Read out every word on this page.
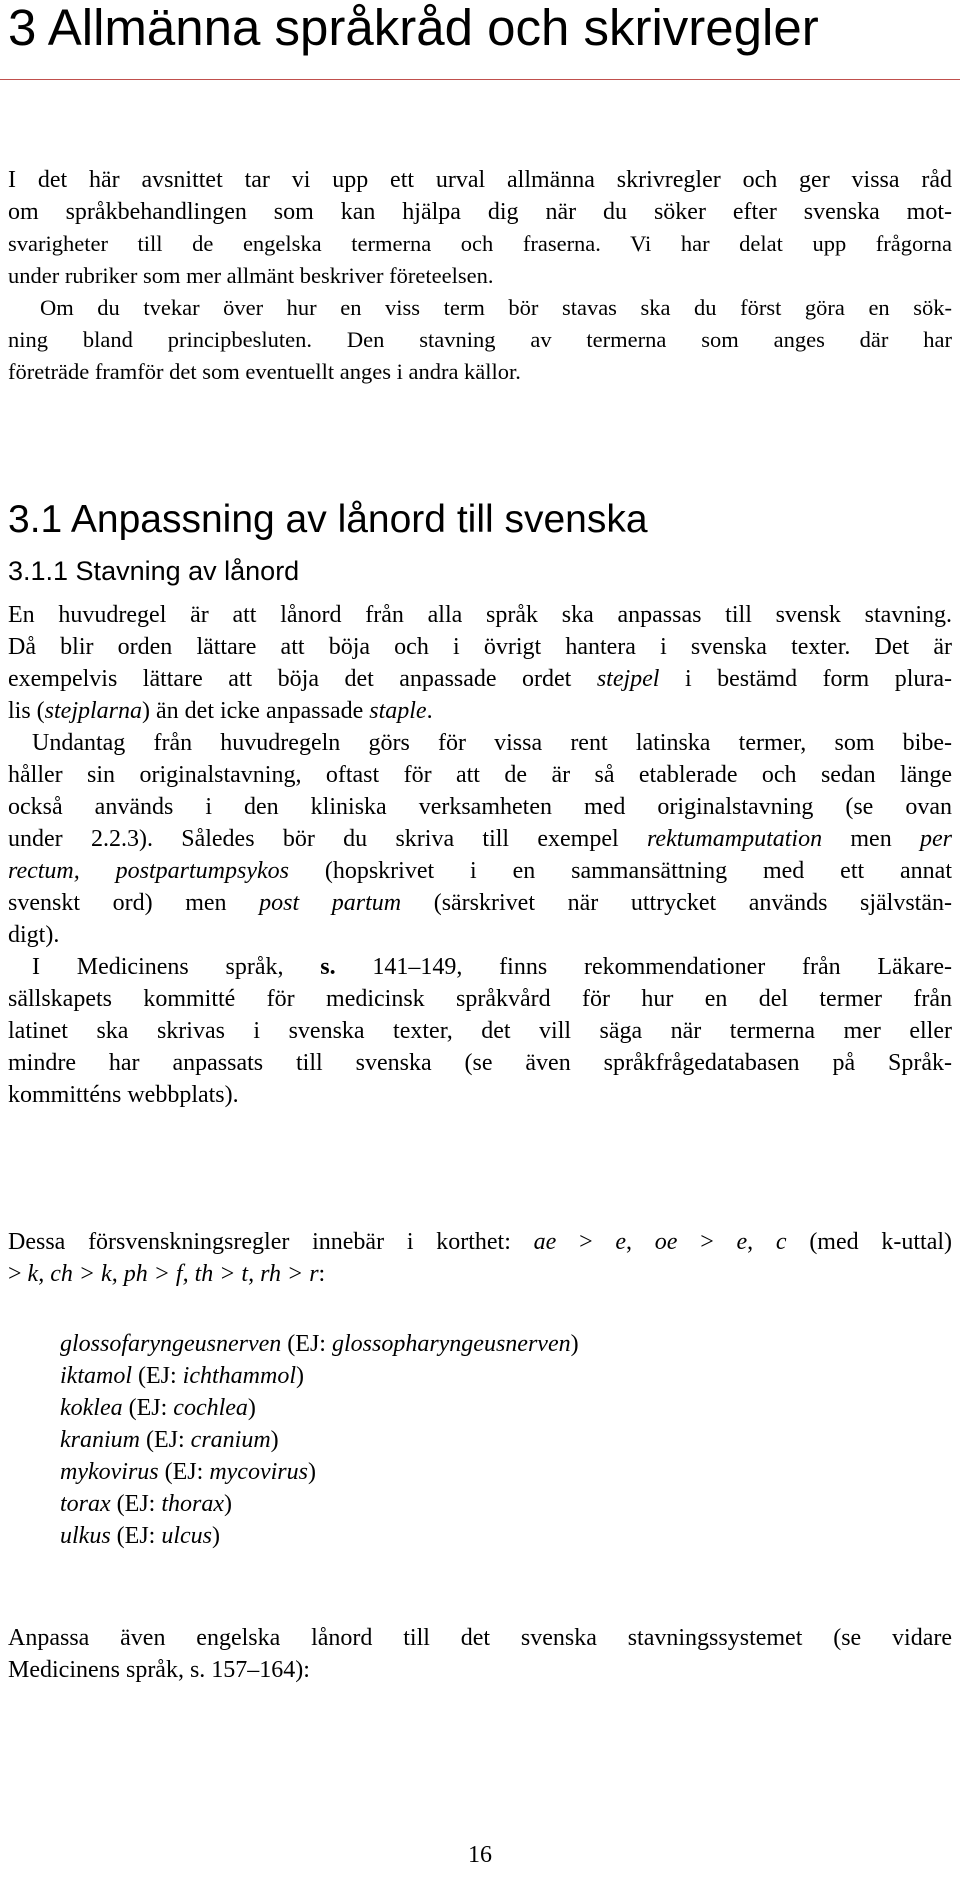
3 Allmänna språkråd och skrivregler
I det här avsnittet tar vi upp ett urval allmänna skrivregler och ger vissa råd
om språkbehandlingen som kan hjälpa dig när du söker efter svenska mot-
svarigheter till de engelska termerna och fraserna. Vi har delat upp frågorna
under rubriker som mer allmänt beskriver företeelsen.
Om du tvekar över hur en viss term bör stavas ska du först göra en sök-
ning bland principbesluten. Den stavning av termerna som anges där har
företräde framför det som eventuellt anges i andra källor.
3.1 Anpassning av lånord till svenska
3.1.1 Stavning av lånord
En huvudregel är att lånord från alla språk ska anpassas till svensk stavning.
Då blir orden lättare att böja och i övrigt hantera i svenska texter. Det är
exempelvis lättare att böja det anpassade ordet stejpel i bestämd form plura-
lis (stejplarna) än det icke anpassade staple.
Undantag från huvudregeln görs för vissa rent latinska termer, som bibe-
håller sin originalstavning, oftast för att de är så etablerade och sedan länge
också används i den kliniska verksamheten med originalstavning (se ovan
under 2.2.3). Således bör du skriva till exempel rektumamputation men per
rectum, postpartumpsykos (hopskrivet i en sammansättning med ett annat
svenskt ord) men post partum (särskrivet när uttrycket används självstän-
digt).
I Medicinens språk, s. 141–149, finns rekommendationer från Läkare-
sällskapets kommitté för medicinsk språkvård för hur en del termer från
latinet ska skrivas i svenska texter, det vill säga när termerna mer eller
mindre har anpassats till svenska (se även språkfrågedatabasen på Språk-
kommitténs webbplats).
Dessa försvenskningsregler innebär i korthet: ae > e, oe > e, c (med k-uttal)
> k, ch > k, ph > f, th > t, rh > r:
glossofaryngeusnerven (EJ: glossopharyngeusnerven)
iktamol (EJ: ichthammol)
koklea (EJ: cochlea)
kranium (EJ: cranium)
mykovirus (EJ: mycovirus)
torax (EJ: thorax)
ulkus (EJ: ulcus)
Anpassa även engelska lånord till det svenska stavningssystemet (se vidare
Medicinens språk, s. 157–164):
16
